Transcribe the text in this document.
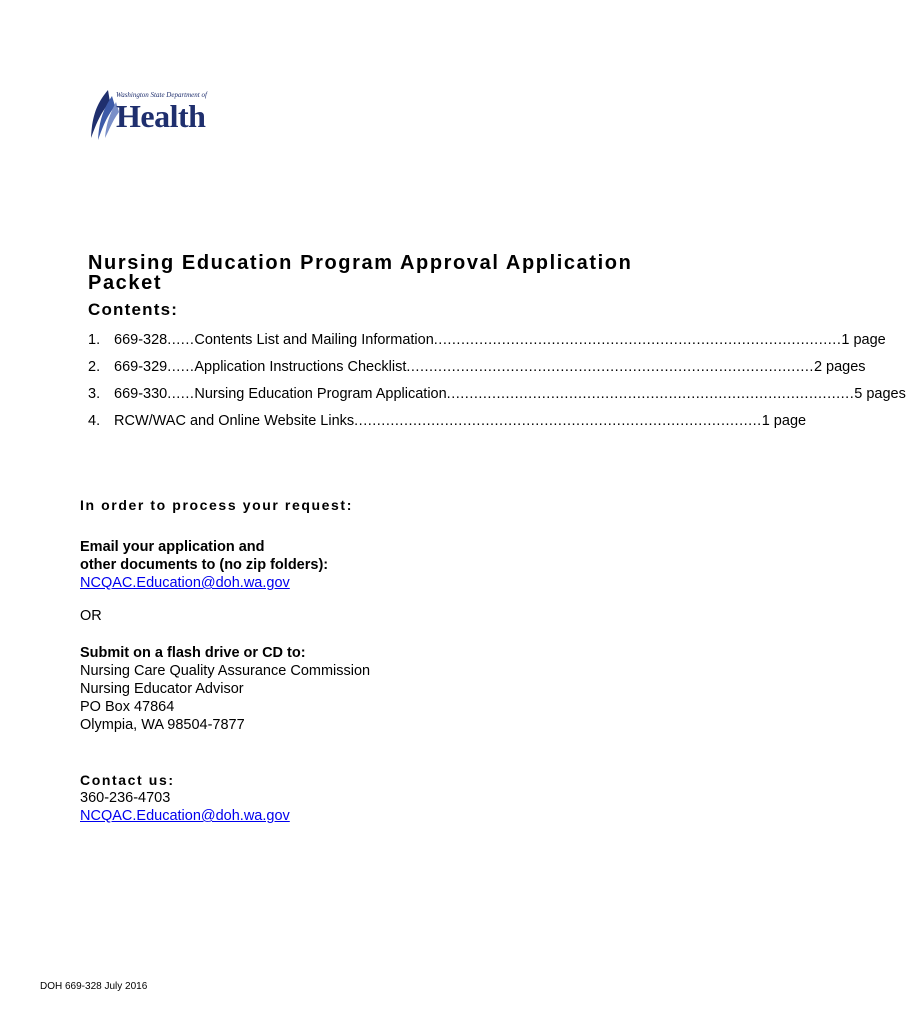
Washington State Department of
Health
Nursing Education Program Approval Application Packet
Contents:
1. 669-328 ...... Contents List and Mailing Information .......................................................................................... 1 page
2. 669-329 ...... Application Instructions Checklist .......................................................................................... 2 pages
3. 669-330 ...... Nursing Education Program Application .......................................................................................... 5 pages
4. RCW/WAC and Online Website Links .......................................................................................... 1 page
In order to process your request:
Email your application and
other documents to (no zip folders):
NCQAC.Education@doh.wa.gov
OR
Submit on a flash drive or CD to:
Nursing Care Quality Assurance Commission
Nursing Educator Advisor
PO Box 47864
Olympia, WA 98504-7877
Contact us:
360-236-4703
NCQAC.Education@doh.wa.gov
DOH 669-328 July 2016
